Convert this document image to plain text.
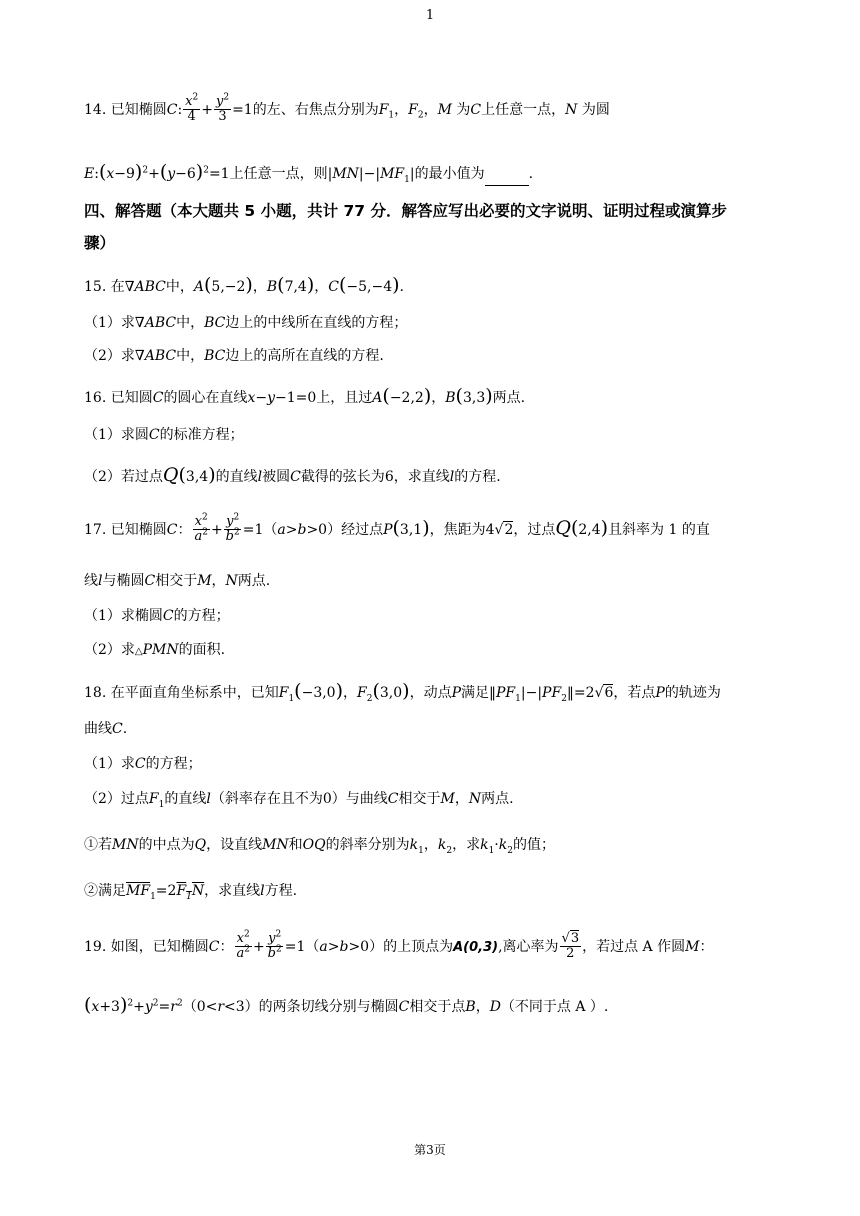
1
14. 已知椭圆C: $\frac{x^2}{4} + \frac{y^2}{3} =1$的左、右焦点分别为$F_1$，$F_2$，M 为C上任意一点，N 为圆
$E:(x-9)^2+(y-6)^2=1$上任意一点，则$|MN|-|MF_1|$的最小值为	.
四、解答题（本大题共 5 小题，共计 77 分．解答应写出必要的文字说明、证明过程或演算步
骤）
15. 在∇ABC中，A(5,−2)，B(7,4)，C(−5,−4).
（1）求∇ABC中，BC边上的中线所在直线的方程；
（2）求∇ABC中，BC边上的高所在直线的方程.
16. 已知圆C的圆心在直线x−y−1=0上，且过A(−2,2)，B(3,3)两点.
（1）求圆C的标准方程；
（2）若过点Q(3,4)的直线l被圆C截得的弦长为6，求直线l的方程.
17. 已知椭圆C： $\frac{x^2}{a^2} + \frac{y^2}{b^2} =1(a>b>0)$经过点P(3,1)，焦距为4√2，过点Q(2,4)且斜率为 1 的直
线l与椭圆C相交于M，N两点.
（1）求椭圆C的方程；
（2）求△PMN的面积.
18. 在平面直角坐标系中，已知$F_1(-3,0)$，$F_2(3,0)$，动点P满足$‖PF_1|-|PF_2‖=2√6$，若点P的轨迹为
曲线C.
（1）求C的方程；
（2）过点$F_1$的直线l（斜率存在且不为0）与曲线C相交于M，N两点.
①若MN的中点为Q，设直线MN和OQ的斜率分别为$k_1$，$k_2$，求$k_1\cdot k_2$的值；
②满足$\overline{MF}_1=2F_1N$，求直线l方程.
19. 如图，已知椭圆C： $\frac{x^2}{a^2} + \frac{y^2}{b^2} =1(a>b>0)$的上顶点为A(0,3),离心率为 $\frac{√3}{2}$ ，若过点 A 作圆M：
$(x+3)^2+y^2=r^2(0<r<3)$的两条切线分别与椭圆C相交于点B，D（不同于点 A ）.
第3页
